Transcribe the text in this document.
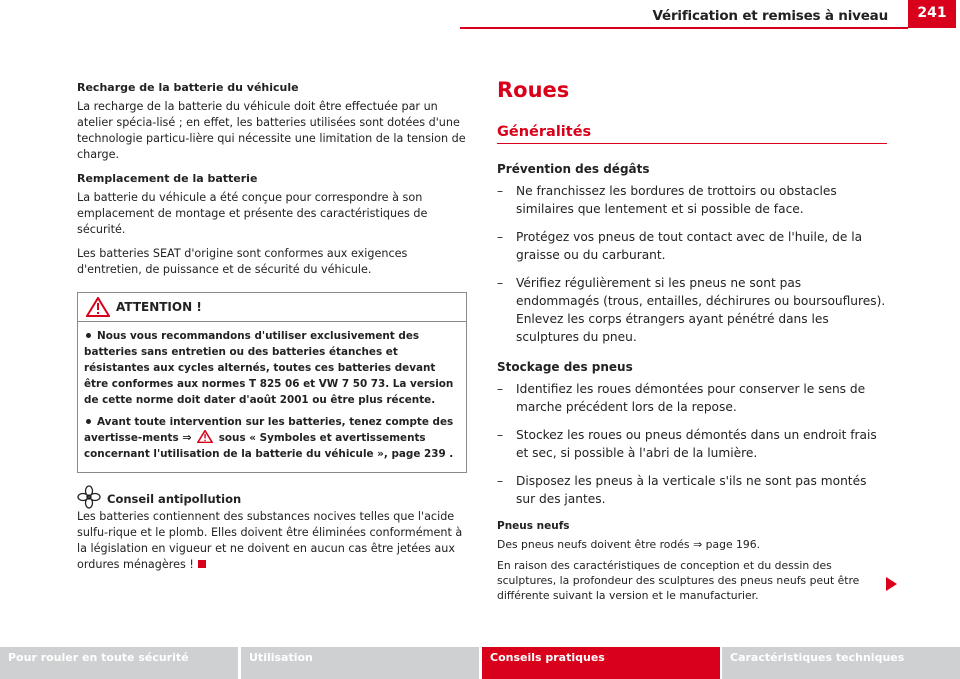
Vérification et remises à niveau	241

Recharge de la batterie du véhicule

La recharge de la batterie du véhicule doit être effectuée par un atelier spécia-lisé ; en effet, les batteries utilisées sont dotées d'une technologie particu-lière qui nécessite une limitation de la tension de charge.

Remplacement de la batterie

La batterie du véhicule a été conçue pour correspondre à son emplacement de montage et présente des caractéristiques de sécurité.

Les batteries SEAT d'origine sont conformes aux exigences d'entretien, de puissance et de sécurité du véhicule.

ATTENTION !

Nous vous recommandons d'utiliser exclusivement des batteries sans entretien ou des batteries étanches et résistantes aux cycles alternés, toutes ces batteries devant être conformes aux normes T 825 06 et VW 7 50 73. La version de cette norme doit dater d'août 2001 ou être plus récente.

Avant toute intervention sur les batteries, tenez compte des avertisse-ments ⇒	sous « Symboles et avertissements concernant l'utilisation de la batterie du véhicule », page 239 .

Conseil antipollution
Les batteries contiennent des substances nocives telles que l'acide sulfu-rique et le plomb. Elles doivent être éliminées conformément à la législation en vigueur et ne doivent en aucun cas être jetées aux ordures ménagères !
Roues
Généralités
Prévention des dégâts
– Ne franchissez les bordures de trottoirs ou obstacles similaires que lentement et si possible de face.
– Protégez vos pneus de tout contact avec de l'huile, de la graisse ou du carburant.
– Vérifiez régulièrement si les pneus ne sont pas endommagés (trous, entailles, déchirures ou boursouflures). Enlevez les corps étrangers ayant pénétré dans les sculptures du pneu.
Stockage des pneus
– Identifiez les roues démontées pour conserver le sens de marche précédent lors de la repose.
– Stockez les roues ou pneus démontés dans un endroit frais et sec, si possible à l'abri de la lumière.
– Disposez les pneus à la verticale s'ils ne sont pas montés sur des jantes.
Pneus neufs

Des pneus neufs doivent être rodés ⇒ page 196.

En raison des caractéristiques de conception et du dessin des sculptures, la profondeur des sculptures des pneus neufs peut être différente suivant la version et le manufacturier.

Pour rouler en toute sécurité	Utilisation	Conseils pratiques	Caractéristiques techniques
